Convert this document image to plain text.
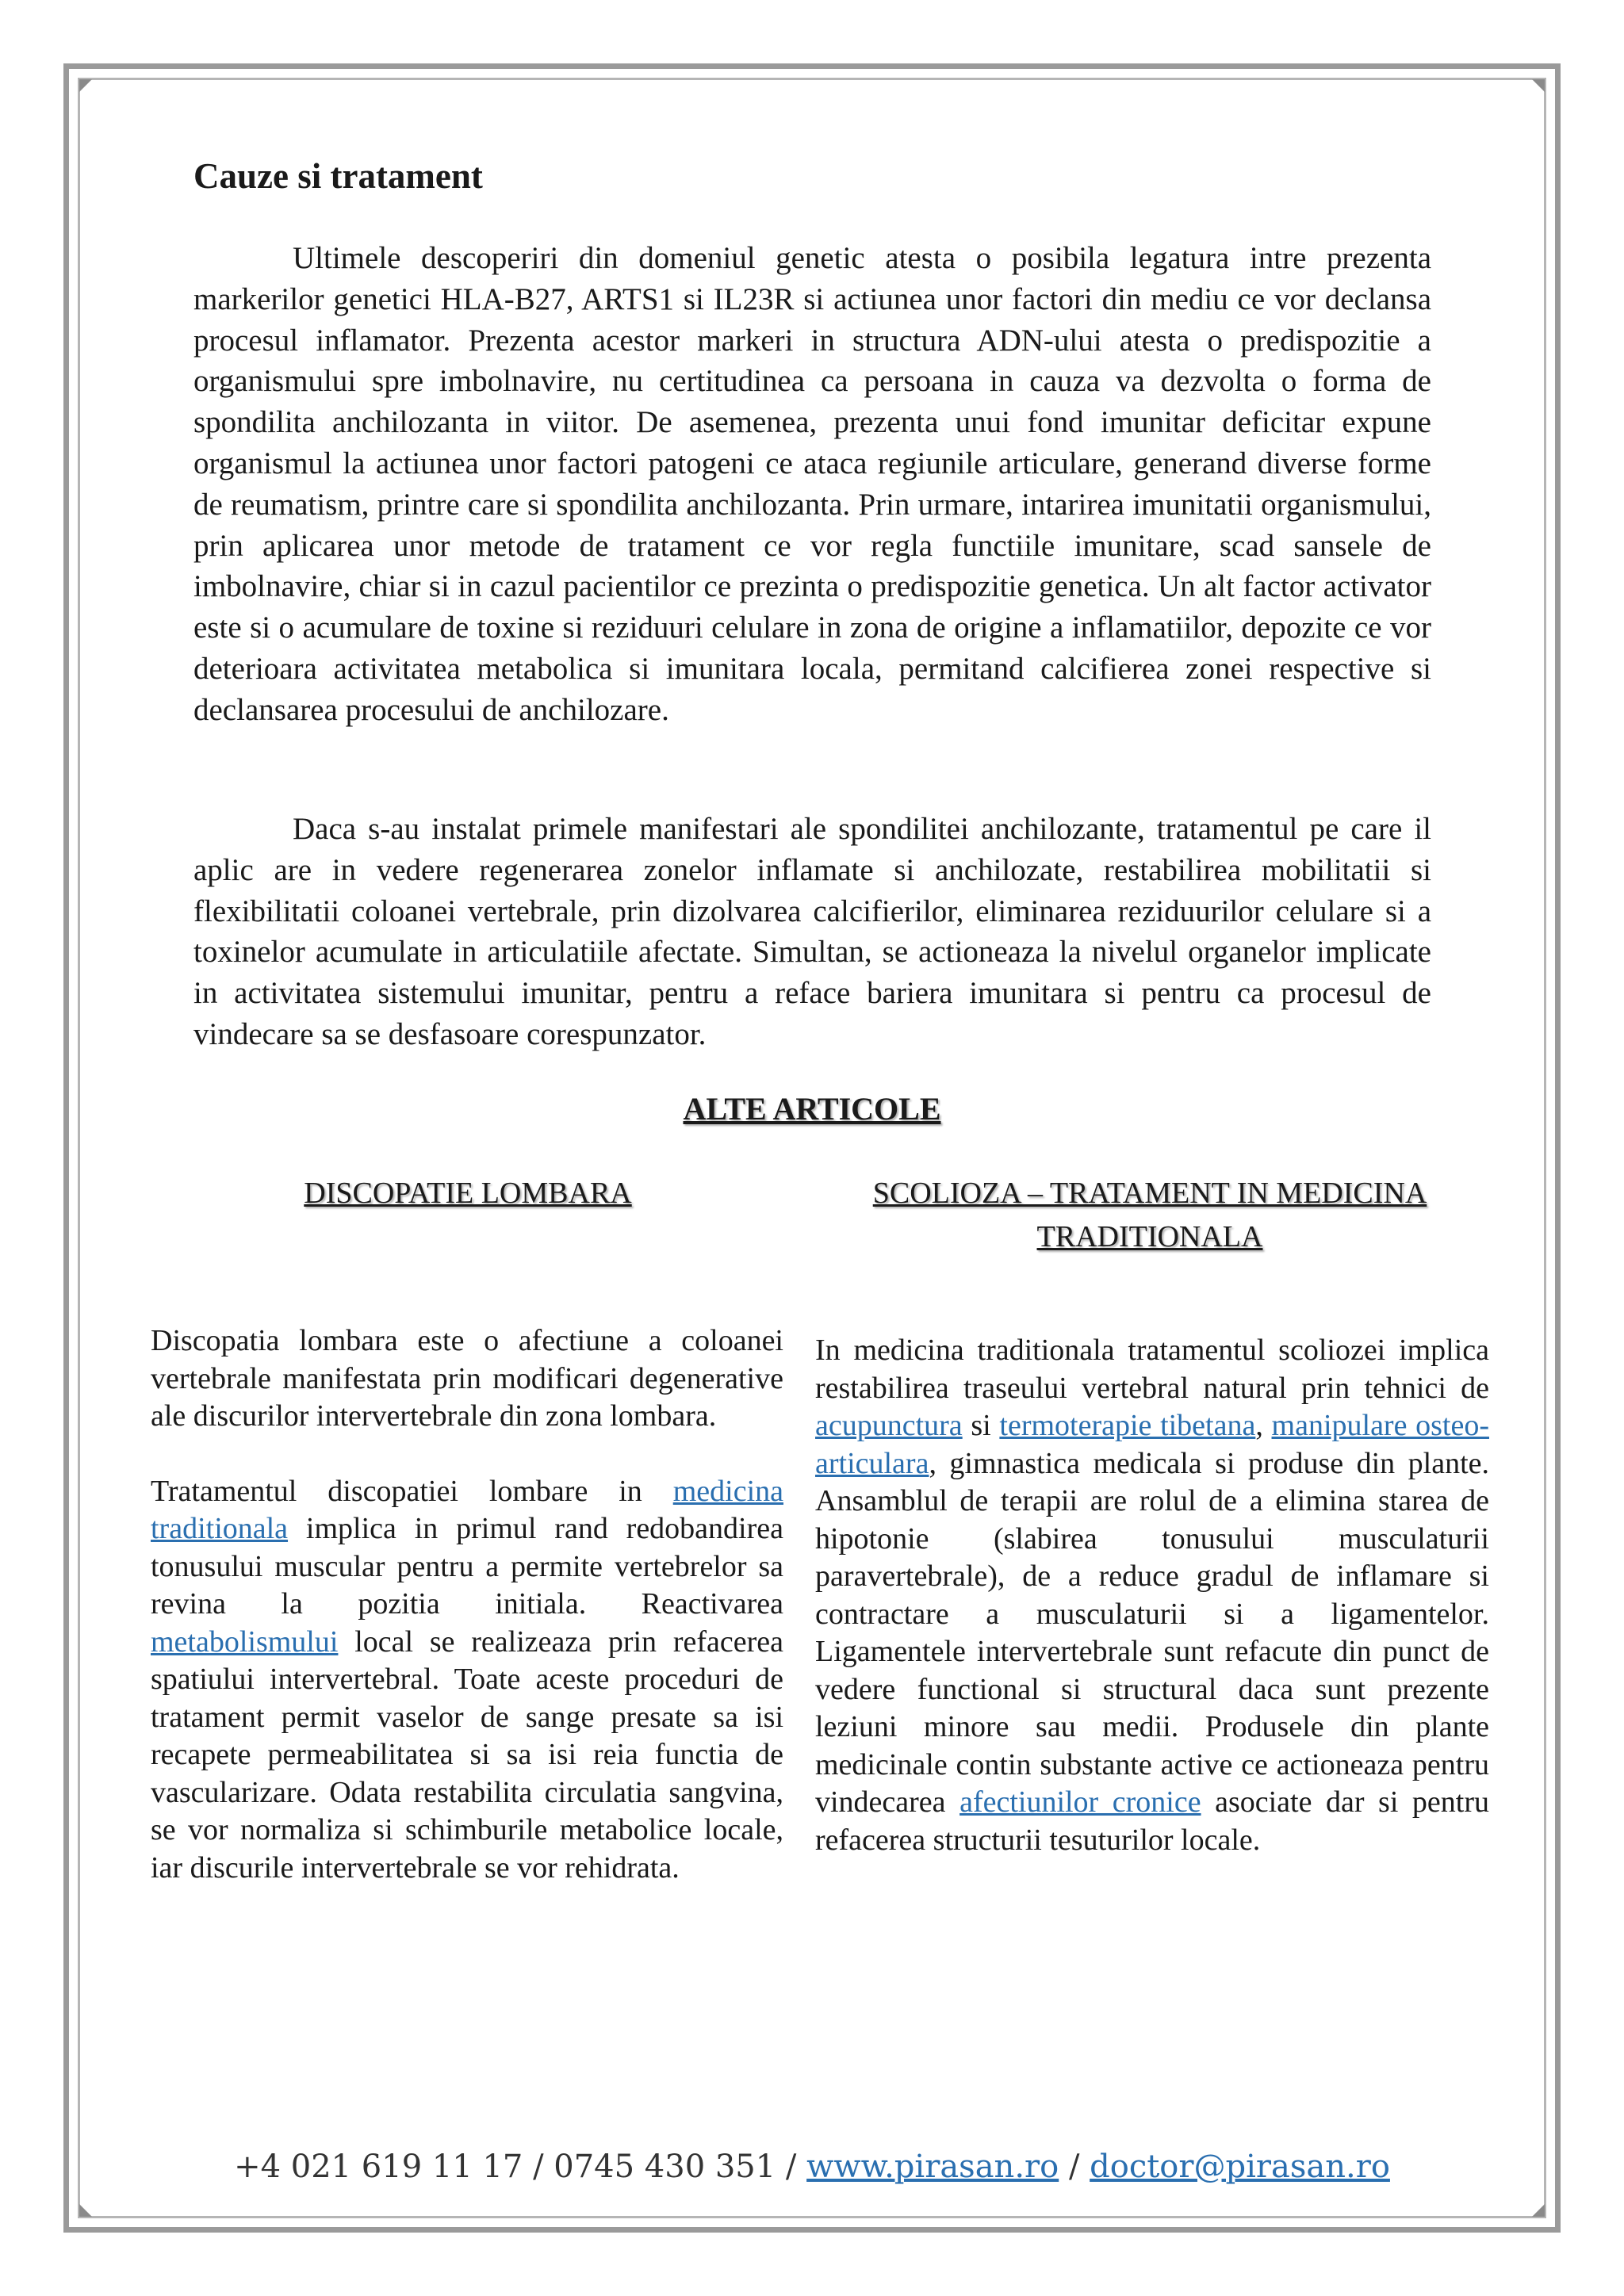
Cauze si tratament

Ultimele descoperiri din domeniul genetic atesta o posibila legatura intre prezenta markerilor genetici HLA-B27, ARTS1 si IL23R si actiunea unor factori din mediu ce vor declansa procesul inflamator. Prezenta acestor markeri in structura ADN-ului atesta o predispozitie a organismului spre imbolnavire, nu certitudinea ca persoana in cauza va dezvolta o forma de spondilita anchilozanta in viitor. De asemenea, prezenta unui fond imunitar deficitar expune organismul la actiunea unor factori patogeni ce ataca regiunile articulare, generand diverse forme de reumatism, printre care si spondilita anchilozanta. Prin urmare, intarirea imunitatii organismului, prin aplicarea unor metode de tratament ce vor regla functiile imunitare, scad sansele de imbolnavire, chiar si in cazul pacientilor ce prezinta o predispozitie genetica. Un alt factor activator este si o acumulare de toxine si reziduuri celulare in zona de origine a inflamatiilor, depozite ce vor deterioara activitatea metabolica si imunitara locala, permitand calcifierea zonei respective si declansarea procesului de anchilozare.

Daca s-au instalat primele manifestari ale spondilitei anchilozante, tratamentul pe care il aplic are in vedere regenerarea zonelor inflamate si anchilozate, restabilirea mobilitatii si flexibilitatii coloanei vertebrale, prin dizolvarea calcifierilor, eliminarea reziduurilor celulare si a toxinelor acumulate in articulatiile afectate. Simultan, se actioneaza la nivelul organelor implicate in activitatea sistemului imunitar, pentru a reface bariera imunitara si pentru ca procesul de vindecare sa se desfasoare corespunzator.

ALTE ARTICOLE
DISCOPATIE LOMBARA	SCOLIOZA – TRATAMENT IN MEDICINA TRADITIONALA

Discopatia lombara este o afectiune a coloanei vertebrale manifestata prin modificari degenerative ale discurilor intervertebrale din zona lombara.

Tratamentul discopatiei lombare in medicina traditionala implica in primul rand redobandirea tonusului muscular pentru a permite vertebrelor sa revina la pozitia initiala. Reactivarea metabolismului local se realizeaza prin refacerea spatiului intervertebral. Toate aceste proceduri de tratament permit vaselor de sange presate sa isi recapete permeabilitatea si sa isi reia functia de vascularizare. Odata restabilita circulatia sangvina, se vor normaliza si schimburile metabolice locale, iar discurile intervertebrale se vor rehidrata.

In medicina traditionala tratamentul scoliozei implica restabilirea traseului vertebral natural prin tehnici de acupunctura si termoterapie tibetana, manipulare osteo-articulara, gimnastica medicala si produse din plante. Ansamblul de terapii are rolul de a elimina starea de hipotonie (slabirea tonusului musculaturii paravertebrale), de a reduce gradul de inflamare si contractare a musculaturii si a ligamentelor. Ligamentele intervertebrale sunt refacute din punct de vedere functional si structural daca sunt prezente leziuni minore sau medii. Produsele din plante medicinale contin substante active ce actioneaza pentru vindecarea afectiunilor cronice asociate dar si pentru refacerea structurii tesuturilor locale.

+4 021 619 11 17 / 0745 430 351 / www.pirasan.ro / doctor@pirasan.ro
